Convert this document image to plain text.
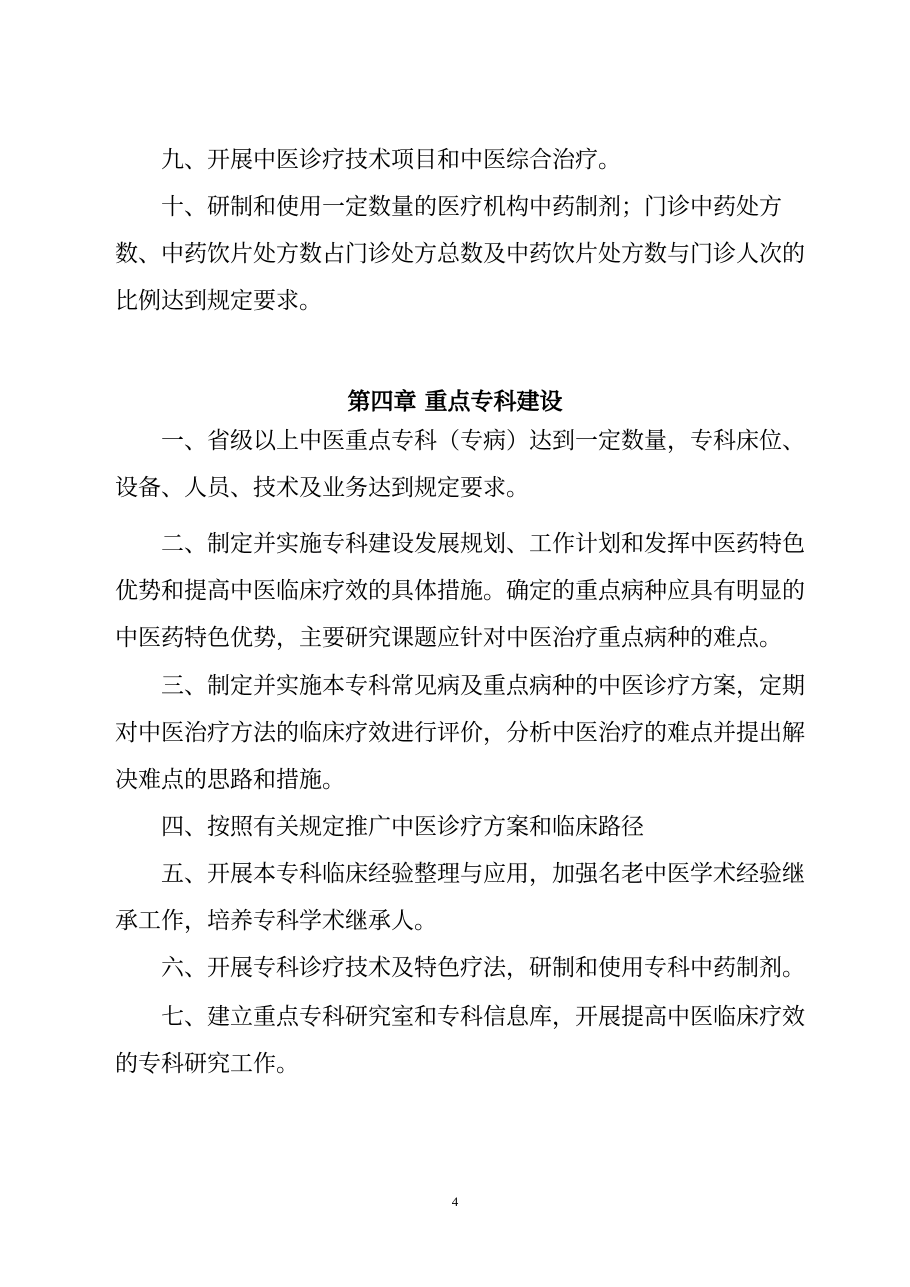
九、开展中医诊疗技术项目和中医综合治疗。

十、研制和使用一定数量的医疗机构中药制剂；门诊中药处方数、中药饮片处方数占门诊处方总数及中药饮片处方数与门诊人次的比例达到规定要求。

第四章 重点专科建设

一、省级以上中医重点专科（专病）达到一定数量，专科床位、设备、人员、技术及业务达到规定要求。

二、制定并实施专科建设发展规划、工作计划和发挥中医药特色优势和提高中医临床疗效的具体措施。确定的重点病种应具有明显的中医药特色优势，主要研究课题应针对中医治疗重点病种的难点。

三、制定并实施本专科常见病及重点病种的中医诊疗方案，定期对中医治疗方法的临床疗效进行评价，分析中医治疗的难点并提出解决难点的思路和措施。

四、按照有关规定推广中医诊疗方案和临床路径

五、开展本专科临床经验整理与应用，加强名老中医学术经验继承工作，培养专科学术继承人。

六、开展专科诊疗技术及特色疗法，研制和使用专科中药制剂。

七、建立重点专科研究室和专科信息库，开展提高中医临床疗效的专科研究工作。

4
